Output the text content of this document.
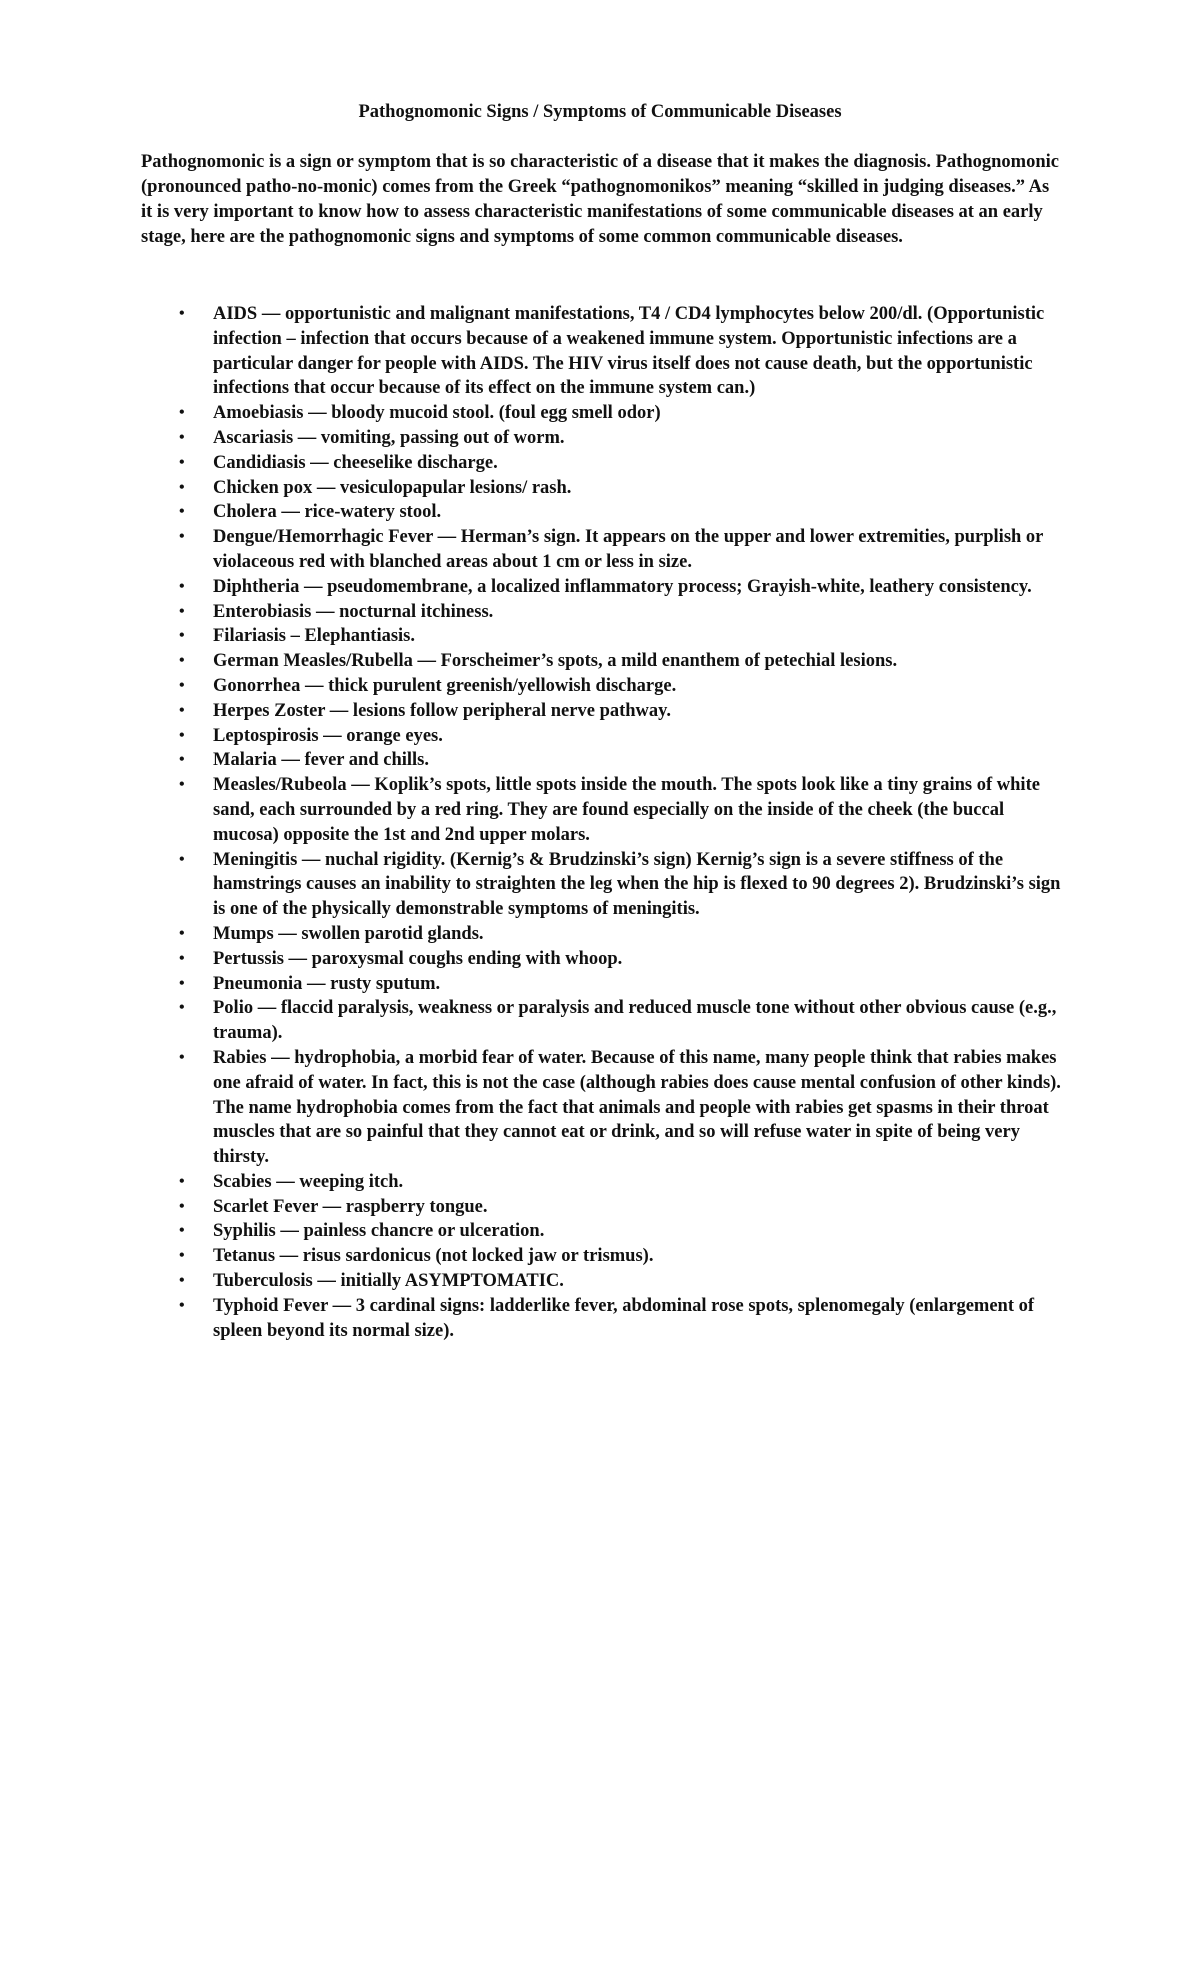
Pathognomonic Signs / Symptoms of Communicable Diseases

Pathognomonic is a sign or symptom that is so characteristic of a disease that it makes the diagnosis. Pathognomonic (pronounced patho-no-monic) comes from the Greek “pathognomonikos” meaning “skilled in judging diseases.” As it is very important to know how to assess characteristic manifestations of some communicable diseases at an early stage, here are the pathognomonic signs and symptoms of some common communicable diseases.

• AIDS — opportunistic and malignant manifestations, T4 / CD4 lymphocytes below 200/dl. (Opportunistic infection – infection that occurs because of a weakened immune system. Opportunistic infections are a particular danger for people with AIDS. The HIV virus itself does not cause death, but the opportunistic infections that occur because of its effect on the immune system can.)
• Amoebiasis — bloody mucoid stool. (foul egg smell odor)
• Ascariasis — vomiting, passing out of worm.
• Candidiasis — cheeselike discharge.
• Chicken pox — vesiculopapular lesions/ rash.
• Cholera — rice-watery stool.
• Dengue/Hemorrhagic Fever — Herman’s sign. It appears on the upper and lower extremities, purplish or violaceous red with blanched areas about 1 cm or less in size.
• Diphtheria — pseudomembrane, a localized inflammatory process; Grayish-white, leathery consistency.
• Enterobiasis — nocturnal itchiness.
• Filariasis – Elephantiasis.
• German Measles/Rubella — Forscheimer’s spots, a mild enanthem of petechial lesions.
• Gonorrhea — thick purulent greenish/yellowish discharge.
• Herpes Zoster — lesions follow peripheral nerve pathway.
• Leptospirosis — orange eyes.
• Malaria — fever and chills.
• Measles/Rubeola — Koplik’s spots, little spots inside the mouth. The spots look like a tiny grains of white sand, each surrounded by a red ring. They are found especially on the inside of the cheek (the buccal mucosa) opposite the 1st and 2nd upper molars.
• Meningitis — nuchal rigidity. (Kernig’s & Brudzinski’s sign) Kernig’s sign is a severe stiffness of the hamstrings causes an inability to straighten the leg when the hip is flexed to 90 degrees 2). Brudzinski’s sign is one of the physically demonstrable symptoms of meningitis.
• Mumps — swollen parotid glands.
• Pertussis — paroxysmal coughs ending with whoop.
• Pneumonia — rusty sputum.
• Polio — flaccid paralysis, weakness or paralysis and reduced muscle tone without other obvious cause (e.g., trauma).
• Rabies — hydrophobia, a morbid fear of water. Because of this name, many people think that rabies makes one afraid of water. In fact, this is not the case (although rabies does cause mental confusion of other kinds). The name hydrophobia comes from the fact that animals and people with rabies get spasms in their throat muscles that are so painful that they cannot eat or drink, and so will refuse water in spite of being very thirsty.
• Scabies — weeping itch.
• Scarlet Fever — raspberry tongue.
• Syphilis — painless chancre or ulceration.
• Tetanus — risus sardonicus (not locked jaw or trismus).
• Tuberculosis — initially ASYMPTOMATIC.
• Typhoid Fever — 3 cardinal signs: ladderlike fever, abdominal rose spots, splenomegaly (enlargement of spleen beyond its normal size).
